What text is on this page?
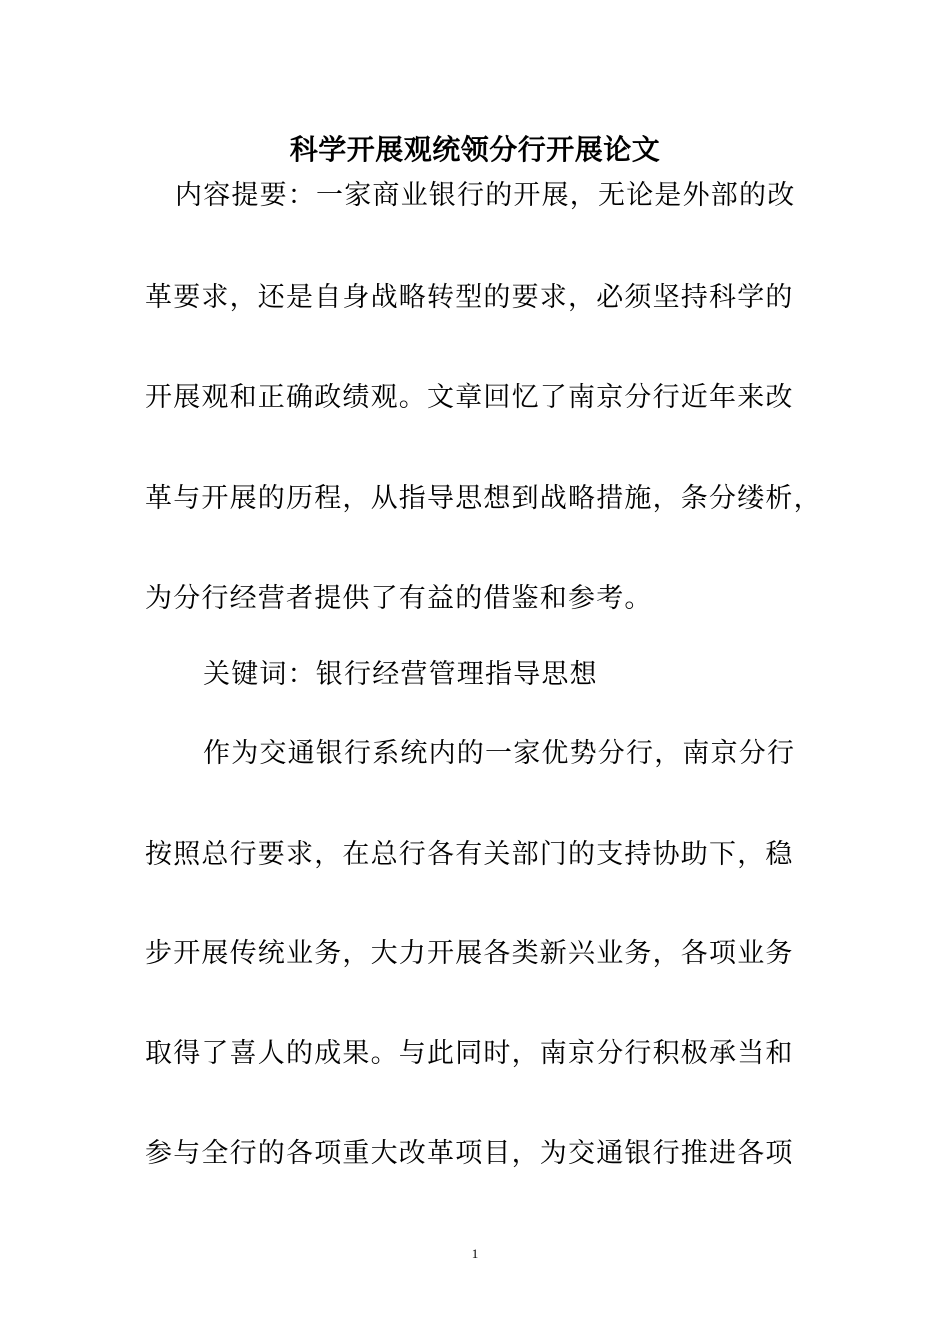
科学开展观统领分行开展论文
内容提要：一家商业银行的开展，无论是外部的改
革要求，还是自身战略转型的要求，必须坚持科学的
开展观和正确政绩观。文章回忆了南京分行近年来改
革与开展的历程，从指导思想到战略措施，条分缕析，
为分行经营者提供了有益的借鉴和参考。
关键词：银行经营管理指导思想
作为交通银行系统内的一家优势分行，南京分行
按照总行要求，在总行各有关部门的支持协助下，稳
步开展传统业务，大力开展各类新兴业务，各项业务
取得了喜人的成果。与此同时，南京分行积极承当和
参与全行的各项重大改革项目，为交通银行推进各项
1
